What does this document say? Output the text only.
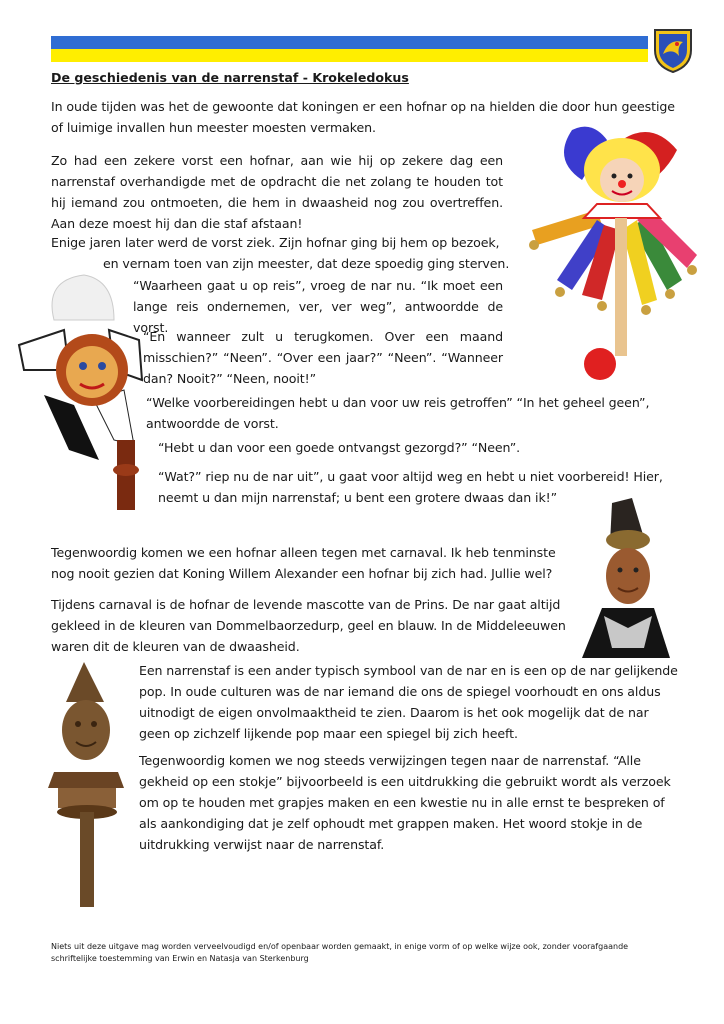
De geschiedenis van de narrenstaf - Krokeledokus

In oude tijden was het de gewoonte dat koningen er een hofnar op na hielden die door hun geestige of luimige invallen hun meester moesten vermaken.

Zo had een zekere vorst een hofnar, aan wie hij op zekere dag een narrenstaf overhandigde met de opdracht die net zolang te houden tot hij iemand zou ontmoeten, die hem in dwaasheid nog zou overtreffen. Aan deze moest hij dan die staf afstaan!

Enige jaren later werd de vorst ziek. Zijn hofnar ging bij hem op bezoek,

en vernam toen van zijn meester, dat deze spoedig ging sterven.

“Waarheen gaat u op reis”, vroeg de nar nu. “Ik moet een lange reis ondernemen, ver, ver weg”, antwoordde de vorst.

“En wanneer zult u terugkomen. Over een maand misschien?” “Neen”. “Over een jaar?” “Neen”. “Wanneer dan? Nooit?” “Neen, nooit!”

“Welke voorbereidingen hebt u dan voor uw reis getroffen” “In het geheel geen”, antwoordde de vorst.

“Hebt u dan voor een goede ontvangst gezorgd?” “Neen”.

“Wat?” riep nu de nar uit”, u gaat voor altijd weg en hebt u niet voorbereid! Hier, neemt u dan mijn narrenstaf; u bent een grotere dwaas dan ik!”

Tegenwoordig komen we een hofnar alleen tegen met carnaval. Ik heb tenminste nog nooit gezien dat Koning Willem Alexander een hofnar bij zich had. Jullie wel?

Tijdens carnaval is de hofnar de levende mascotte van de Prins. De nar gaat altijd gekleed in de kleuren van Dommelbaorzedurp, geel en blauw. In de Middeleeuwen waren dit de kleuren van de dwaasheid.

Een narrenstaf is een ander typisch symbool van de nar en is een op de nar gelijkende pop. In oude culturen was de nar iemand die ons de spiegel voorhoudt en ons aldus uitnodigt de eigen onvolmaaktheid te zien. Daarom is het ook mogelijk dat de nar geen op zichzelf lijkende pop maar een spiegel bij zich heeft.

Tegenwoordig komen we nog steeds verwijzingen tegen naar de narrenstaf. “Alle gekheid op een stokje” bijvoorbeeld is een uitdrukking die gebruikt wordt als verzoek om op te houden met grapjes maken en een kwestie nu in alle ernst te bespreken of als aankondiging dat je zelf ophoudt met grappen maken. Het woord stokje in de uitdrukking verwijst naar de narrenstaf.

Niets uit deze uitgave mag worden verveelvoudigd en/of openbaar worden gemaakt, in enige vorm of op welke wijze ook, zonder voorafgaande schriftelijke toestemming van Erwin en Natasja van Sterkenburg
